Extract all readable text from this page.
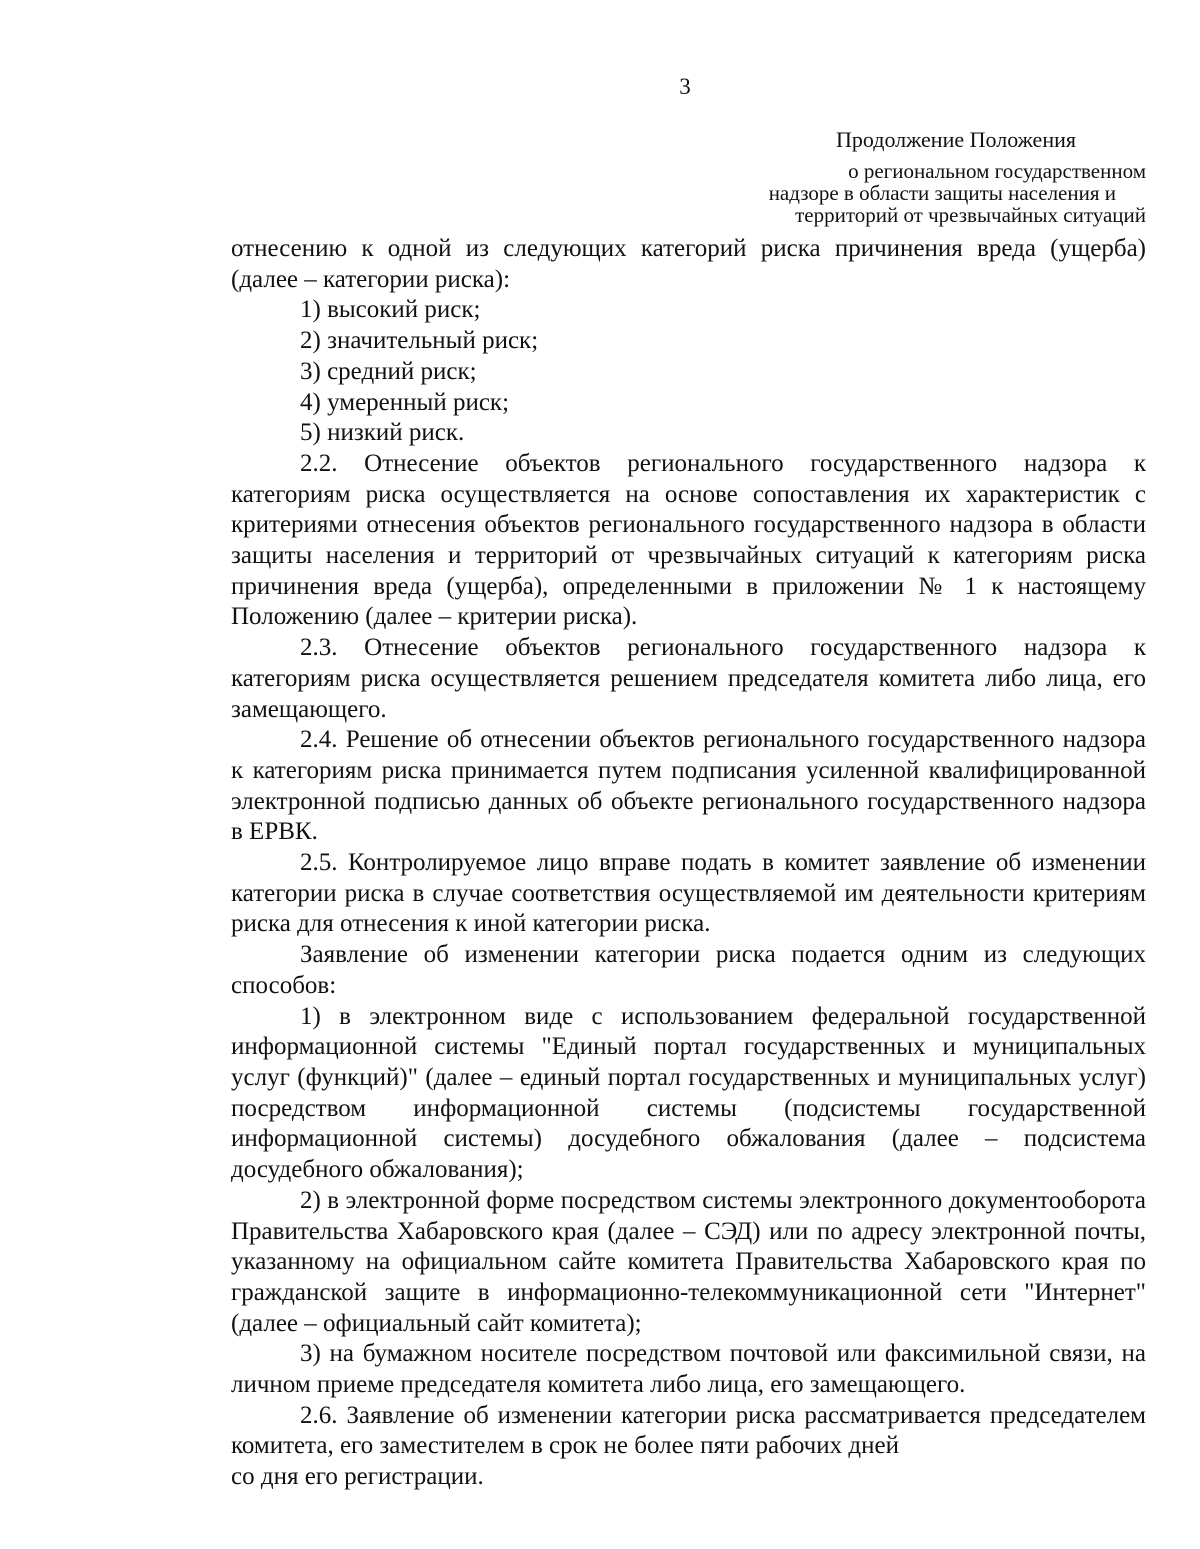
3
Продолжение Положения
о региональном государственном
надзоре в области защиты населения и
территорий от чрезвычайных ситуаций

отнесению к одной из следующих категорий риска причинения вреда (ущерба) (далее – категории риска):

1) высокий риск;

2) значительный риск;

3) средний риск;

4) умеренный риск;

5) низкий риск.

2.2. Отнесение объектов регионального государственного надзора к категориям риска осуществляется на основе сопоставления их характеристик с критериями отнесения объектов регионального государственного надзора в области защиты населения и территорий от чрезвычайных ситуаций к категориям риска причинения вреда (ущерба), определенными в приложении № 1 к настоящему Положению (далее – критерии риска).

2.3. Отнесение объектов регионального государственного надзора к категориям риска осуществляется решением председателя комитета либо лица, его замещающего.

2.4. Решение об отнесении объектов регионального государственного надзора к категориям риска принимается путем подписания усиленной квалифицированной электронной подписью данных об объекте регионального государственного надзора в ЕРВК.

2.5. Контролируемое лицо вправе подать в комитет заявление об изменении категории риска в случае соответствия осуществляемой им деятельности критериям риска для отнесения к иной категории риска.

Заявление об изменении категории риска подается одним из следующих способов:

1) в электронном виде с использованием федеральной государственной информационной системы "Единый портал государственных и муниципальных услуг (функций)" (далее – единый портал государственных и муниципальных услуг) посредством информационной системы (подсистемы государственной информационной системы) досудебного обжалования (далее – подсистема досудебного обжалования);

2) в электронной форме посредством системы электронного документооборота Правительства Хабаровского края (далее – СЭД) или по адресу электронной почты, указанному на официальном сайте комитета Правительства Хабаровского края по гражданской защите в информационно-телекоммуникационной сети "Интернет" (далее – официальный сайт комитета);

3) на бумажном носителе посредством почтовой или факсимильной связи, на личном приеме председателя комитета либо лица, его замещающего.

2.6. Заявление об изменении категории риска рассматривается председателем комитета, его заместителем в срок не более пяти рабочих дней

со дня его регистрации.
